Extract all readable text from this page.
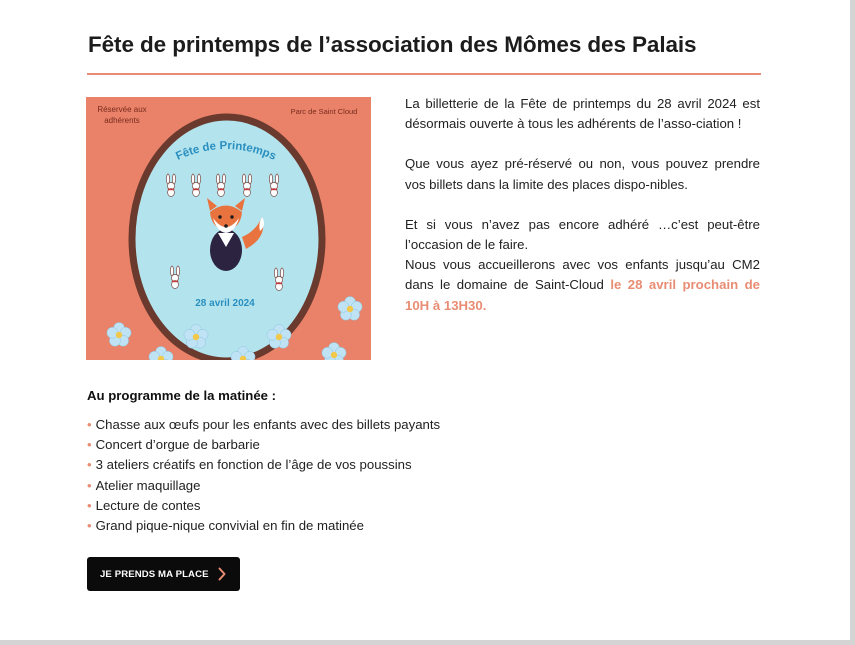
Fête de printemps de l’association des Mômes des Palais
Réservée aux
adhérents
Parc de Saint Cloud
Fête de Printemps
28 avril 2024

La billetterie de la Fête de printemps du 28 avril 2024 est désormais ouverte à tous les adhérents de l’asso-ciation !

Que vous ayez pré-réservé ou non, vous pouvez prendre vos billets dans la limite des places dispo-nibles.

Et si vous n’avez pas encore adhéré …c’est peut-être l’occasion de le faire.

Nous vous accueillerons avec vos enfants jusqu’au CM2 dans le domaine de Saint-Cloud le 28 avril prochain de 10H à 13H30.

Au programme de la matinée :
• Chasse aux œufs pour les enfants avec des billets payants
• Concert d’orgue de barbarie
• 3 ateliers créatifs en fonction de l’âge de vos poussins
• Atelier maquillage
• Lecture de contes
• Grand pique-nique convivial en fin de matinée
JE PRENDS MA PLACE
